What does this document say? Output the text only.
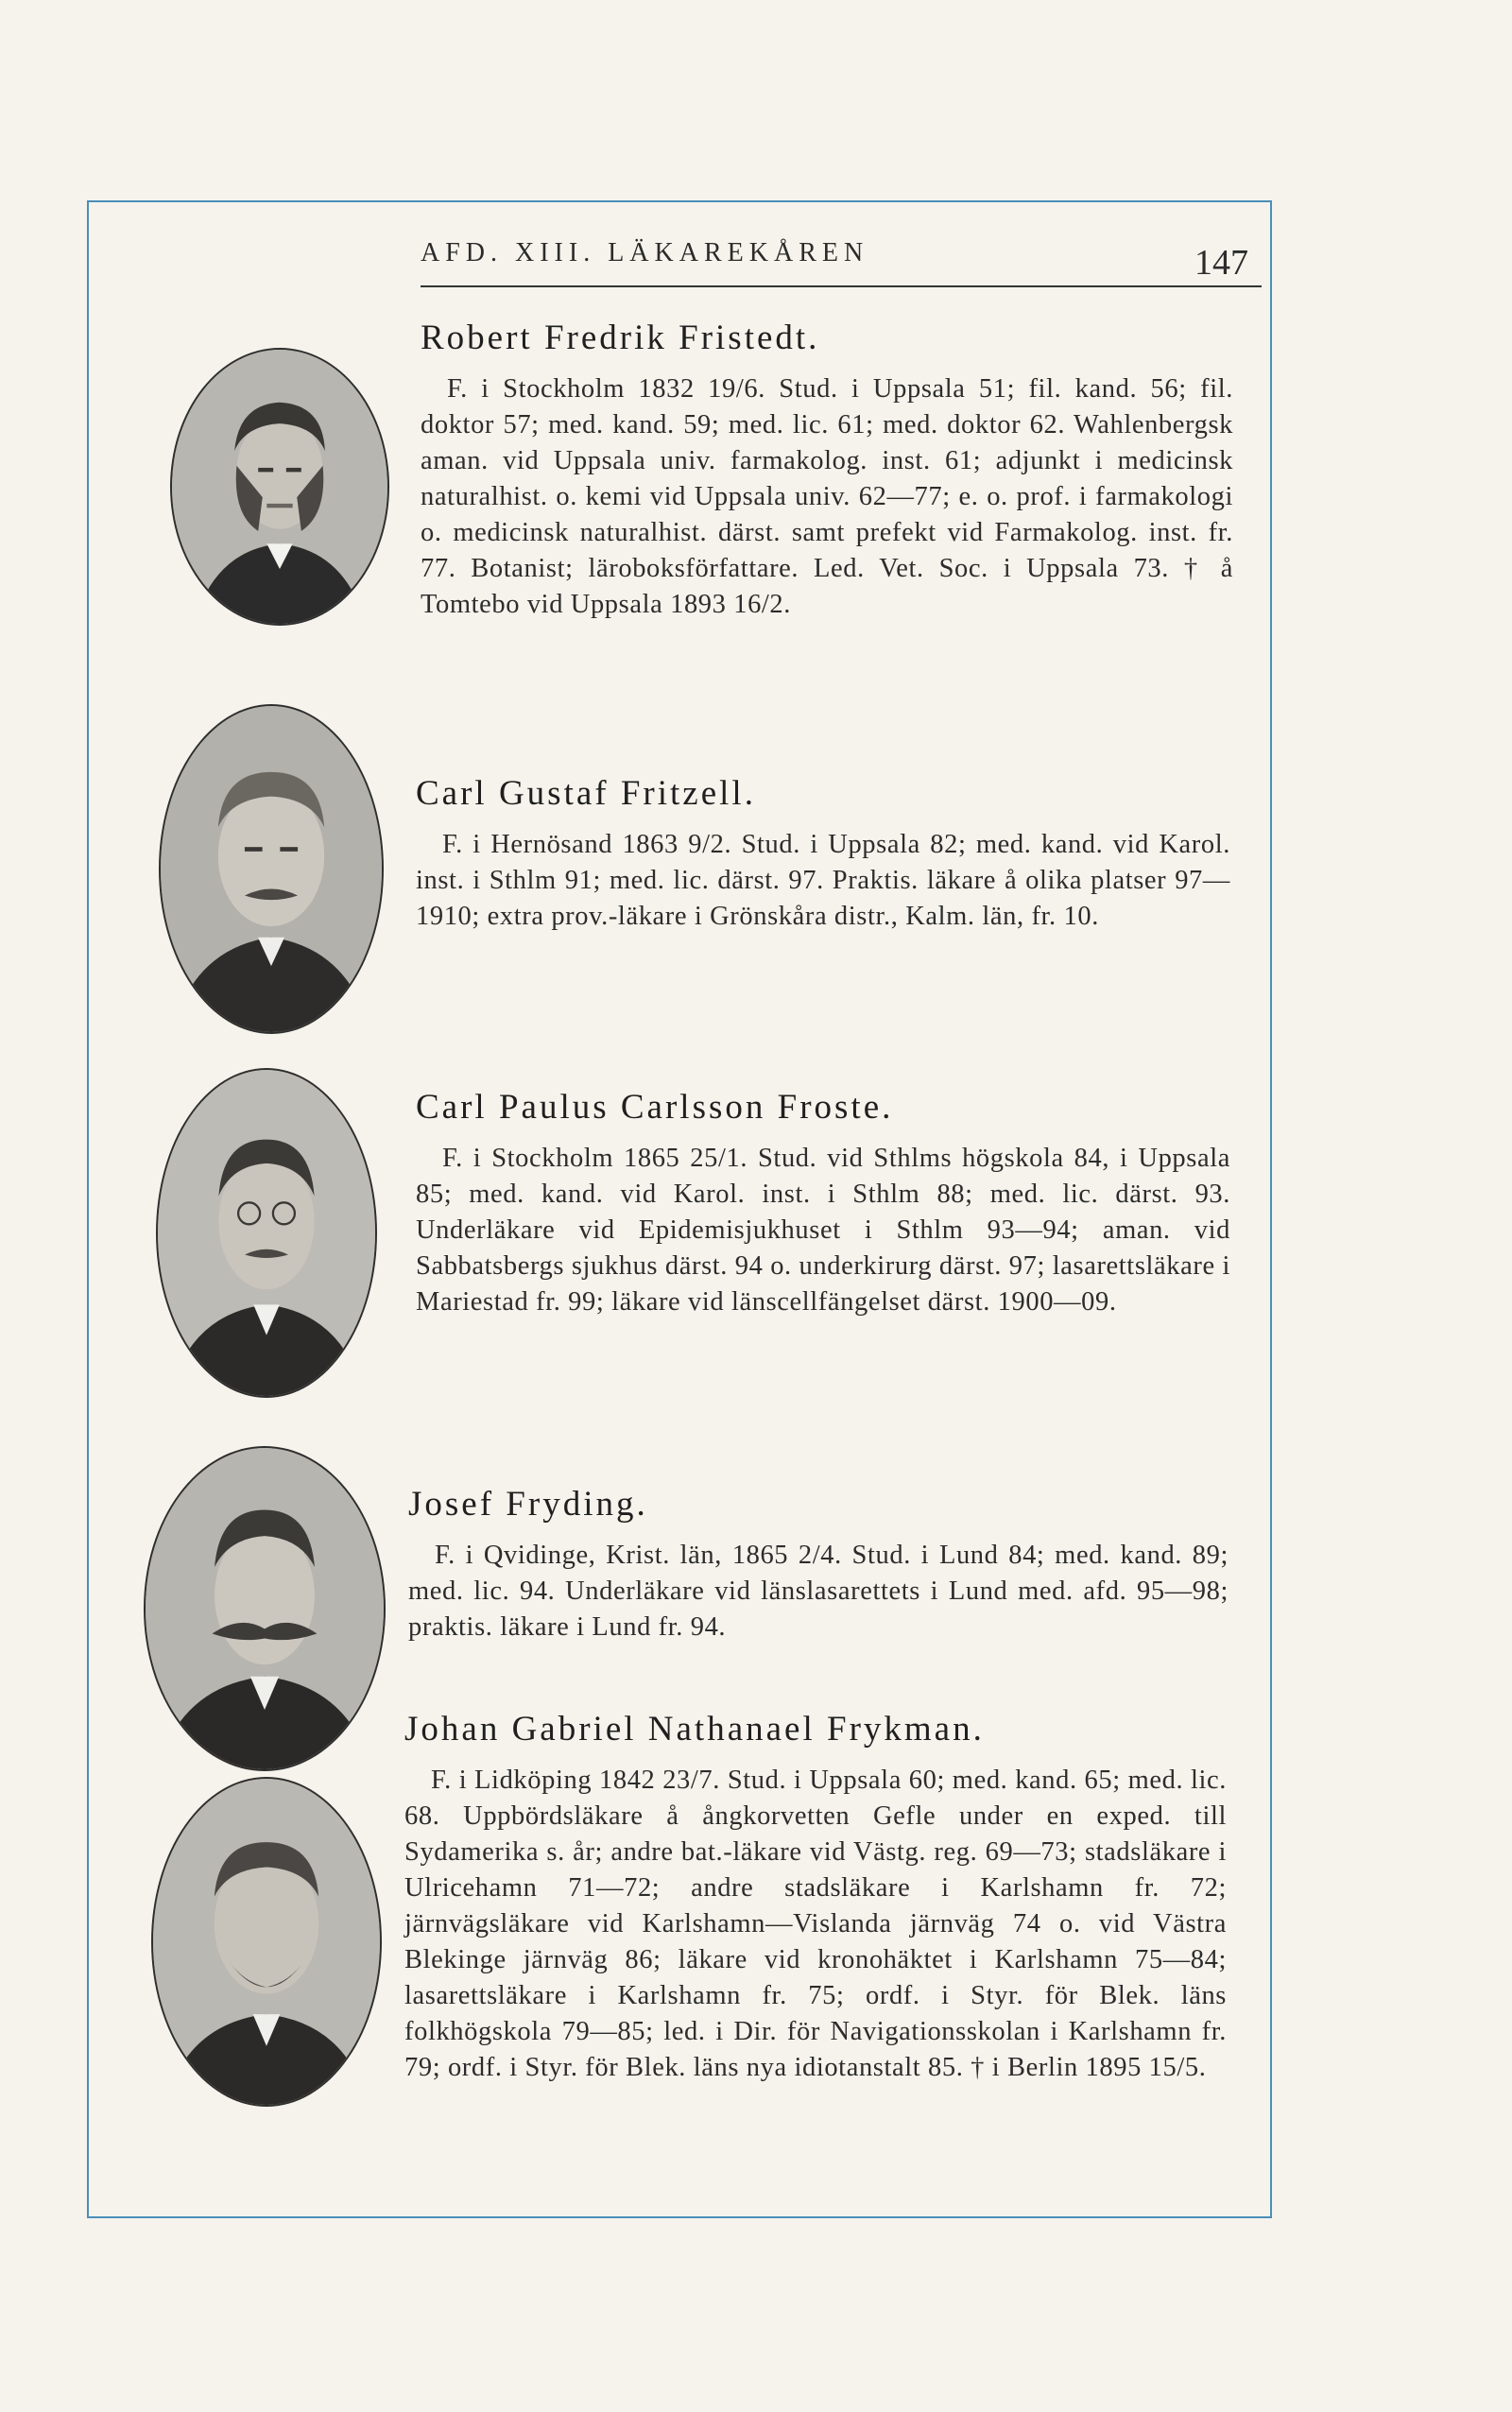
AFD. XIII. LÄKAREKÅREN	147
Robert Fredrik Fristedt.

F. i Stockholm 1832 19/6. Stud. i Uppsala 51; fil. kand. 56; fil. doktor 57; med. kand. 59; med. lic. 61; med. doktor 62. Wahlenbergsk aman. vid Uppsala univ. farmakolog. inst. 61; adjunkt i medicinsk naturalhist. o. kemi vid Uppsala univ. 62—77; e. o. prof. i farmakologi o. medicinsk naturalhist. därst. samt prefekt vid Farmakolog. inst. fr. 77. Botanist; läroboksförfattare. Led. Vet. Soc. i Uppsala 73. † å Tomtebo vid Uppsala 1893 16/2.

Carl Gustaf Fritzell.

F. i Hernösand 1863 9/2. Stud. i Uppsala 82; med. kand. vid Karol. inst. i Sthlm 91; med. lic. därst. 97. Praktis. läkare å olika platser 97—1910; extra prov.-läkare i Grönskåra distr., Kalm. län, fr. 10.

Carl Paulus Carlsson Froste.

F. i Stockholm 1865 25/1. Stud. vid Sthlms högskola 84, i Uppsala 85; med. kand. vid Karol. inst. i Sthlm 88; med. lic. därst. 93. Underläkare vid Epidemisjukhuset i Sthlm 93—94; aman. vid Sabbatsbergs sjukhus därst. 94 o. underkirurg därst. 97; lasarettsläkare i Mariestad fr. 99; läkare vid länscellfängelset därst. 1900—09.

Josef Fryding.

F. i Qvidinge, Krist. län, 1865 2/4. Stud. i Lund 84; med. kand. 89; med. lic. 94. Underläkare vid länslasarettets i Lund med. afd. 95—98; praktis. läkare i Lund fr. 94.

Johan Gabriel Nathanael Frykman.

F. i Lidköping 1842 23/7. Stud. i Uppsala 60; med. kand. 65; med. lic. 68. Uppbördsläkare å ångkorvetten Gefle under en exped. till Sydamerika s. år; andre bat.-läkare vid Västg. reg. 69—73; stadsläkare i Ulricehamn 71—72; andre stadsläkare i Karlshamn fr. 72; järnvägsläkare vid Karlshamn—Vislanda järnväg 74 o. vid Västra Blekinge järnväg 86; läkare vid kronohäktet i Karlshamn 75—84; lasarettsläkare i Karlshamn fr. 75; ordf. i Styr. för Blek. läns folkhögskola 79—85; led. i Dir. för Navigationsskolan i Karlshamn fr. 79; ordf. i Styr. för Blek. läns nya idiotanstalt 85. † i Berlin 1895 15/5.
